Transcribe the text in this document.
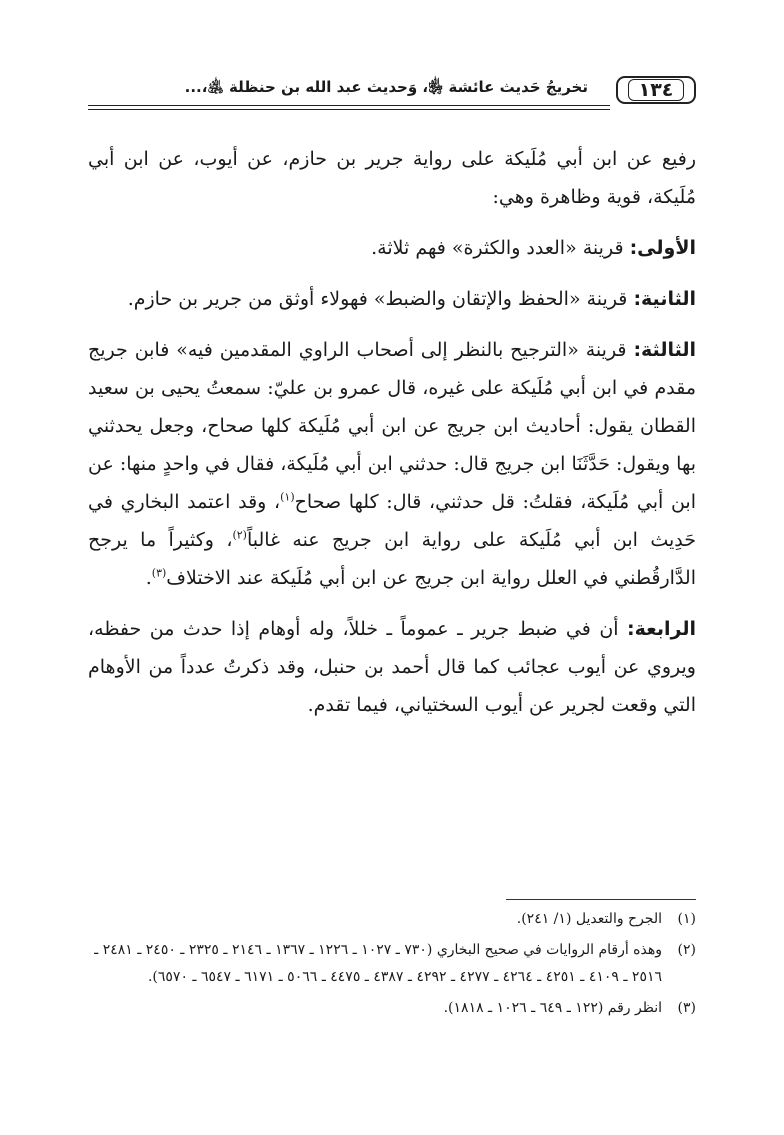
١٣٤
تخريجُ حَديث عائشة ﵂، وَحديث عبد الله بن حنظلة ﵁،...

رفيع عن ابن أبي مُلَيكة على رواية جرير بن حازم، عن أيوب، عن ابن أبي مُلَيكة، قوية وظاهرة وهي:

الأولى: قرينة «العدد والكثرة» فهم ثلاثة.

الثانية: قرينة «الحفظ والإتقان والضبط» فهولاء أوثق من جرير بن حازم.

الثالثة: قرينة «الترجيح بالنظر إلى أصحاب الراوي المقدمين فيه» فابن جريج مقدم في ابن أبي مُلَيكة على غيره، قال عمرو بن عليّ: سمعتُ يحيى بن سعيد القطان يقول: أحاديث ابن جريج عن ابن أبي مُلَيكة كلها صحاح، وجعل يحدثني بها ويقول: حَدَّثَنَا ابن جريج قال: حدثني ابن أبي مُلَيكة، فقال في واحدٍ منها: عن ابن أبي مُلَيكة، فقلتُ: قل حدثني، قال: كلها صحاح$^{(١)}$، وقد اعتمد البخاري في حَدِيث ابن أبي مُلَيكة على رواية ابن جريج عنه غالباً$^{(٢)}$، وكثيراً ما يرجح الدَّارقُطني في العلل رواية ابن جريج عن ابن أبي مُلَيكة عند الاختلاف$^{(٣)}$.

الرابعة: أن في ضبط جرير ـ عموماً ـ خللاً، وله أوهام إذا حدث من حفظه، ويروي عن أيوب عجائب كما قال أحمد بن حنبل، وقد ذكرتُ عدداً من الأوهام التي وقعت لجرير عن أيوب السختياني، فيما تقدم.

(١)
الجرح والتعديل (١/ ٢٤١).
(٢)
وهذه أرقام الروايات في صحيح البخاري (٧٣٠ ـ ١٠٢٧ ـ ١٢٢٦ ـ ١٣٦٧ ـ ٢١٤٦ ـ ٢٣٢٥ ـ ٢٤٥٠ ـ ٢٤٨١ ـ ٢٥١٦ ـ ٤١٠٩ ـ ٤٢٥١ ـ ٤٢٦٤ ـ ٤٢٧٧ ـ ٤٢٩٢ ـ ٤٣٨٧ ـ ٤٤٧٥ ـ ٥٠٦٦ ـ ٦١٧١ ـ ٦٥٤٧ ـ ٦٥٧٠).
(٣)
انظر رقم (١٢٢ ـ ٦٤٩ ـ ١٠٢٦ ـ ١٨١٨).
